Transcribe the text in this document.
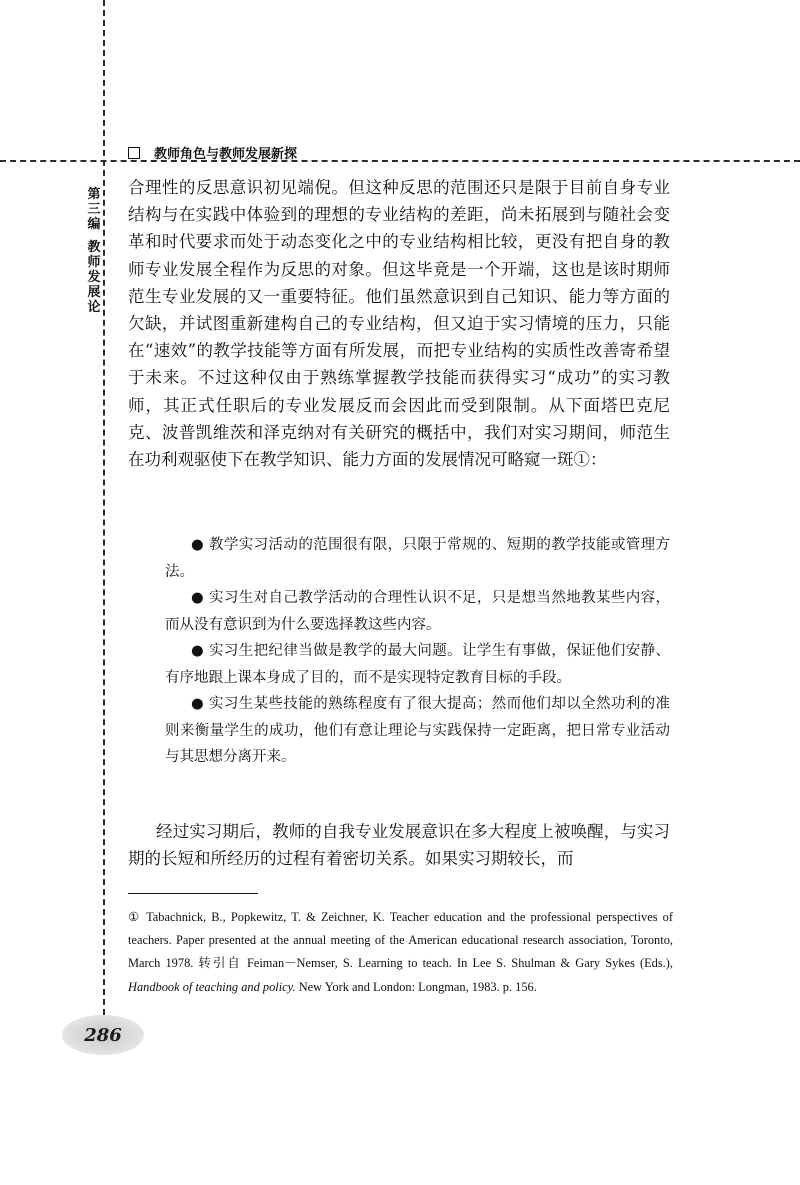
教师角色与教师发展新探
第三编
教师发展论

合理性的反思意识初见端倪。但这种反思的范围还只是限于目前自身专业结构与在实践中体验到的理想的专业结构的差距，尚未拓展到与随社会变革和时代要求而处于动态变化之中的专业结构相比较，更没有把自身的教师专业发展全程作为反思的对象。但这毕竟是一个开端，这也是该时期师范生专业发展的又一重要特征。他们虽然意识到自己知识、能力等方面的欠缺，并试图重新建构自己的专业结构，但又迫于实习情境的压力，只能在“速效”的教学技能等方面有所发展，而把专业结构的实质性改善寄希望于未来。不过这种仅由于熟练掌握教学技能而获得实习“成功”的实习教师，其正式任职后的专业发展反而会因此而受到限制。从下面塔巴克尼克、波普凯维茨和泽克纳对有关研究的概括中，我们对实习期间，师范生在功利观驱使下在教学知识、能力方面的发展情况可略窥一斑①：

● 教学实习活动的范围很有限，只限于常规的、短期的教学技能或管理方法。

● 实习生对自己教学活动的合理性认识不足，只是想当然地教某些内容，而从没有意识到为什么要选择教这些内容。

● 实习生把纪律当做是教学的最大问题。让学生有事做，保证他们安静、有序地跟上课本身成了目的，而不是实现特定教育目标的手段。

● 实习生某些技能的熟练程度有了很大提高；然而他们却以全然功利的准则来衡量学生的成功，他们有意让理论与实践保持一定距离，把日常专业活动与其思想分离开来。

经过实习期后，教师的自我专业发展意识在多大程度上被唤醒，与实习期的长短和所经历的过程有着密切关系。如果实习期较长，而

① Tabachnick, B., Popkewitz, T. & Zeichner, K. Teacher education and the professional perspectives of teachers. Paper presented at the annual meeting of the American educational research association, Toronto, March 1978. 转引自 Feiman－Nemser, S. Learning to teach. In Lee S. Shulman & Gary Sykes (Eds.), Handbook of teaching and policy. New York and London: Longman, 1983. p. 156.

286
